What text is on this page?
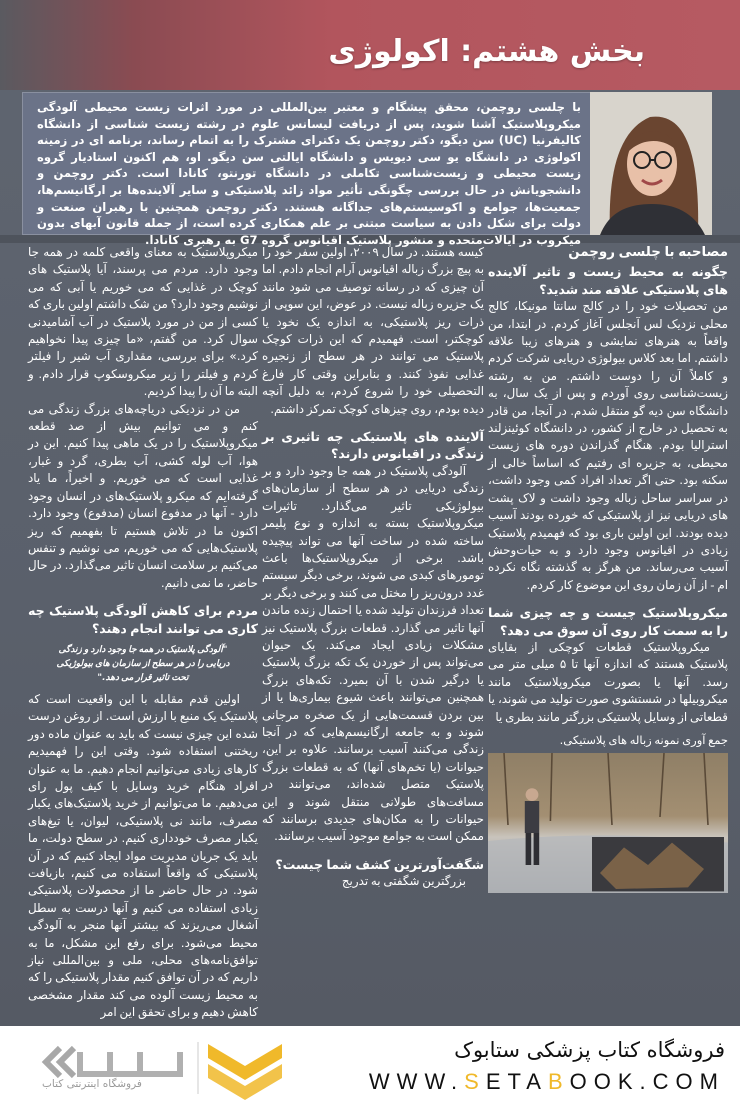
بخش هشتم: اکولوژی
با چلسی روچمن، محقق پیشگام و معتبر بین‌المللی در مورد اثرات زیست محیطی آلودگی میکروپلاستیک آشنا شوید، پس از دریافت لیسانس علوم در رشته زیست شناسی از دانشگاه کالیفرنیا (UC) سن دیگو، دکتر روچمن یک دکترای مشترک را به اتمام رساند، برنامه ای در زمینه اکولوژی در دانشگاه یو سی دیویس و دانشگاه ایالتی سن دیگو. او، هم اکنون استادیار گروه زیست محیطی و زیست‌شناسی تکاملی در دانشگاه تورنتو، کانادا است. دکتر روچمن و دانشجویانش در حال بررسی چگونگی تأثیر مواد زائد پلاستیکی و سایر آلاینده‌ها بر ارگانیسم‌ها، جمعیت‌ها، جوامع و اکوسیستم‌های جداگانه هستند. دکتر روچمن همچنین با رهبران صنعت و دولت برای شکل دادن به سیاست مبتنی بر علم همکاری کرده است، از جمله قانون آبهای بدون میکروب در ایالات‌متحده و منشور پلاستیک اقیانوس گروه G7 به رهبری کانادا.
مصاحبه با چلسی روچمن
چگونه به محیط زیست و تاثیر آلاینده های پلاستیکی علاقه مند شدید؟

من تحصیلات خود را در کالج سانتا مونیکا، کالج محلی نزدیک لس آنجلس آغاز کردم. در ابتدا، من واقعاً به هنرهای نمایشی و هنرهای زیبا علاقه داشتم. اما بعد کلاس بیولوژی دریایی شرکت کردم و کاملاً آن را دوست داشتم. من به رشته زیست‌شناسی روی آوردم و پس از یک سال، به دانشگاه سن دیه گو منتقل شدم. در آنجا، من قادر به تحصیل در خارج از کشور، در دانشگاه کوئینزلند استرالیا بودم. هنگام گذراندن دوره های زیست محیطی، به جزیره ای رفتیم که اساساً خالی از سکنه بود. حتی اگر تعداد افراد کمی وجود داشت، در سراسر ساحل زباله وجود داشت و لاک پشت های دریایی نیز از پلاستیکی که خورده بودند آسیب دیده بودند. این اولین باری بود که فهمیدم پلاستیک زیادی در اقیانوس وجود دارد و به حیات‌وحش آسیب می‌رساند. من هرگز به گذشته نگاه نکرده ام - از آن زمان روی این موضوع کار کردم.

میکروپلاستیک چیست و چه چیزی شما را به سمت کار روی آن سوق می دهد؟

میکروپلاستیک قطعات کوچکی از بقایای پلاستیک هستند که اندازه آنها تا ۵ میلی متر می رسد. آنها یا بصورت میکروپلاستیک مانند میکروبیلها در شستشوی صورت تولید می شوند، یا قطعاتی از وسایل پلاستیکی بزرگتر مانند بطری یا

جمع آوری نمونه زباله های پلاستیکی.

کیسه هستند. در سال ۲۰۰۹، اولین سفر خود را به پیچ بزرگ زباله اقیانوس آرام انجام دادم. اما آن چیزی که در رسانه توصیف می شود مانند یک جزیره زباله نیست. در عوض، این سوپی از ذرات ریز پلاستیکی، به اندازه یک نخود یا کوچکتر، است. فهمیدم که این ذرات کوچک پلاستیک می توانند در هر سطح از زنجیره غذایی نفوذ کنند. و بنابراین وقتی کار فارغ التحصیلی خود را شروع کردم، به دلیل آنچه دیده بودم، روی چیزهای کوچک تمرکز داشتم.

آلاینده های پلاستیکی چه تاثیری بر زندگی در اقیانوس دارند؟

آلودگی پلاستیک در همه جا وجود دارد و بر زندگی دریایی در هر سطح از سازمان‌های بیولوژیکی تاثیر می‌گذارد. تاثیرات میکروپلاستیک بسته به اندازه و نوع پلیمر ساخته شده در ساخت آنها می تواند پیچیده باشد. برخی از میکروپلاستیک‌ها باعث تومورهای کبدی می شوند، برخی دیگر سیستم غدد درون‌ریز را مختل می کنند و برخی دیگر بر تعداد فرزندان تولید شده یا احتمال زنده ماندن آنها تاثیر می گذارد. قطعات بزرگ پلاستیک نیز مشکلات زیادی ایجاد می‌کند. یک حیوان می‌تواند پس از خوردن یک تکه بزرگ پلاستیک یا درگیر شدن با آن بمیرد. تکه‌های بزرگ همچنین می‌توانند باعث شیوع بیماری‌ها یا از بین بردن قسمت‌هایی از یک صخره مرجانی شوند و به جامعه ارگانیسم‌هایی که در آنجا زندگی می‌کنند آسیب برسانند. علاوه بر این، حیوانات (یا تخم‌های آنها) که به قطعات بزرگ پلاستیک متصل شده‌اند، می‌توانند در مسافت‌های طولانی منتقل شوند و این حیوانات را به مکان‌های جدیدی برسانند که ممکن است به جوامع موجود آسیب برسانند.

شگفت‌آورترین کشف شما چیست؟

بزرگترین شگفتی به تدریج

میکروپلاستیک به معنای واقعی کلمه در همه جا وجود دارد. مردم می پرسند، آیا پلاستیک های کوچک در غذایی که می خوریم یا آبی که می نوشیم وجود دارد؟ من شک داشتم اولین باری که کسی از من در مورد پلاستیک در آب آشامیدنی سوال کرد. من گفتم، «ما چیزی پیدا نخواهیم کرد.» برای بررسی، مقداری آب شیر را فیلتر کردم و فیلتر را زیر میکروسکوپ قرار دادم. و البته ما آن را پیدا کردیم.

من در نزدیکی دریاچه‌های بزرگ زندگی می کنم و می توانیم بیش از صد قطعه میکروپلاستیک را در یک ماهی پیدا کنیم. این در هوا، آب لوله کشی، آب بطری، گرد و غبار، غذایی است که می خوریم. و اخیراً، ما یاد گرفته‌ایم که میکرو پلاستیک‌های در انسان وجود دارد - آنها در مدفوع انسان (مدفوع) وجود دارد. اکنون ما در تلاش هستیم تا بفهمیم که ریز پلاستیک‌هایی که می خوریم، می نوشیم و تنفس می‌کنیم بر سلامت انسان تاثیر می‌گذارد. در حال حاضر، ما نمی دانیم.

مردم برای کاهش آلودگی پلاستیک چه کاری می توانند انجام دهند؟
"آلودگی پلاستیک در همه جا وجود دارد و زندگی دریایی را در هر سطح از سازمان های بیولوژیکی تحت تاثیر قرار می دهد."

اولین قدم مقابله با این واقعیت است که پلاستیک یک منبع با ارزش است. از روغن درست شده این چیزی نیست که باید به عنوان ماده دور ریختنی استفاده شود. وقتی این را فهمیدیم کارهای زیادی می‌توانیم انجام دهیم. ما به عنوان افراد هنگام خرید وسایل با کیف پول رای می‌دهیم. ما می‌توانیم از خرید پلاستیک‌های یکبار مصرف، مانند نی پلاستیکی، لیوان، یا تیغ‌های یکبار مصرف خودداری کنیم. در سطح دولت، ما باید یک جریان مدیریت مواد ایجاد کنیم که در آن پلاستیکی که واقعاً استفاده می کنیم، بازیافت شود. در حال حاضر ما از محصولات پلاستیکی زیادی استفاده می کنیم و آنها درست به سطل آشغال می‌ریزند که بیشتر آنها منجر به آلودگی محیط می‌شود. برای رفع این مشکل، ما به توافق‌نامه‌های محلی، ملی و بین‌المللی نیاز داریم که در آن توافق کنیم مقدار پلاستیکی را که به محیط زیست آلوده می کند مقدار مشخصی کاهش دهیم و برای تحقق این امر

فروشگاه کتاب پزشکی ستابوک
WWW.SETABOOK.COM
فروشگاه اینترنتی کتاب
